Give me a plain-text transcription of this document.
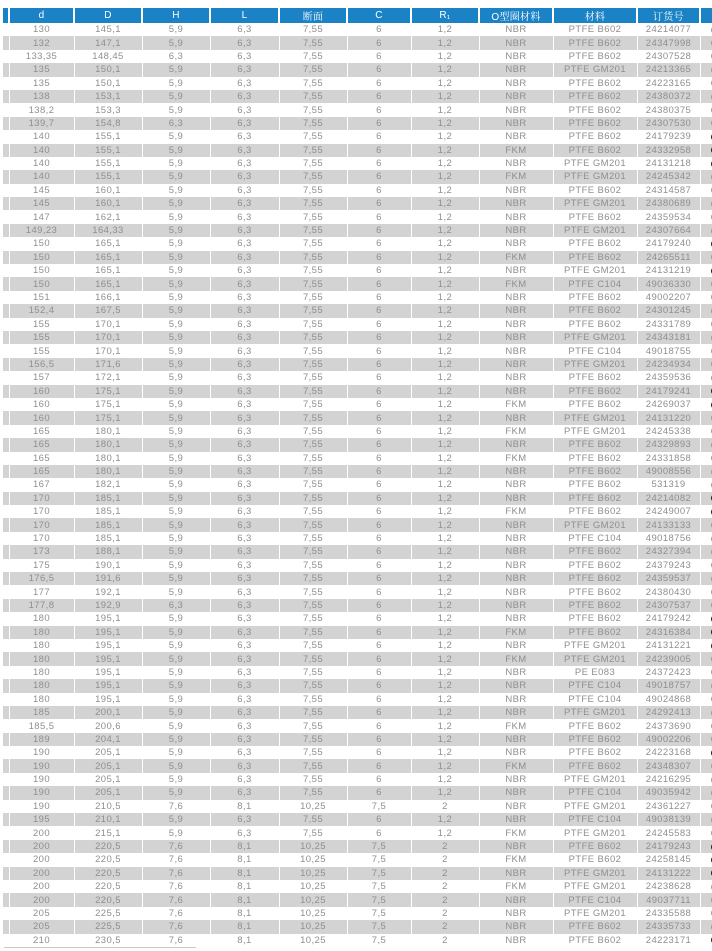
	d	D	H	L	断面	C	R₁	O型圈材料	材料	订货号	
	130	145,1	5,9	6,3	7,55	6	1,2	NBR	PTFE B602	24214077	
	132	147,1	5,9	6,3	7,55	6	1,2	NBR	PTFE B602	24347998	
	133,35	148,45	6,3	6,3	7,55	6	1,2	NBR	PTFE B602	24307528	
	135	150,1	5,9	6,3	7,55	6	1,2	NBR	PTFE GM201	24213365	
	135	150,1	5,9	6,3	7,55	6	1,2	NBR	PTFE B602	24223165	
	138	153,1	5,9	6,3	7,55	6	1,2	NBR	PTFE B602	24380372	
	138,2	153,3	5,9	6,3	7,55	6	1,2	NBR	PTFE B602	24380375	
	139,7	154,8	6,3	6,3	7,55	6	1,2	NBR	PTFE B602	24307530	
	140	155,1	5,9	6,3	7,55	6	1,2	NBR	PTFE B602	24179239	
	140	155,1	5,9	6,3	7,55	6	1,2	FKM	PTFE B602	24332958	
	140	155,1	5,9	6,3	7,55	6	1,2	NBR	PTFE GM201	24131218	
	140	155,1	5,9	6,3	7,55	6	1,2	FKM	PTFE GM201	24245342	
	145	160,1	5,9	6,3	7,55	6	1,2	NBR	PTFE B602	24314587	
	145	160,1	5,9	6,3	7,55	6	1,2	NBR	PTFE GM201	24380689	
	147	162,1	5,9	6,3	7,55	6	1,2	NBR	PTFE B602	24359534	
	149,23	164,33	5,9	6,3	7,55	6	1,2	NBR	PTFE GM201	24307664	
	150	165,1	5,9	6,3	7,55	6	1,2	NBR	PTFE B602	24179240	
	150	165,1	5,9	6,3	7,55	6	1,2	FKM	PTFE B602	24265511	
	150	165,1	5,9	6,3	7,55	6	1,2	NBR	PTFE GM201	24131219	
	150	165,1	5,9	6,3	7,55	6	1,2	FKM	PTFE C104	49036330	
	151	166,1	5,9	6,3	7,55	6	1,2	NBR	PTFE B602	49002207	
	152,4	167,5	5,9	6,3	7,55	6	1,2	NBR	PTFE B602	24301245	
	155	170,1	5,9	6,3	7,55	6	1,2	NBR	PTFE B602	24331789	
	155	170,1	5,9	6,3	7,55	6	1,2	NBR	PTFE GM201	24343181	
	155	170,1	5,9	6,3	7,55	6	1,2	NBR	PTFE C104	49018755	
	156,5	171,6	5,9	6,3	7,55	6	1,2	NBR	PTFE GM201	24234934	
	157	172,1	5,9	6,3	7,55	6	1,2	NBR	PTFE B602	24359536	
	160	175,1	5,9	6,3	7,55	6	1,2	NBR	PTFE B602	24179241	
	160	175,1	5,9	6,3	7,55	6	1,2	FKM	PTFE B602	24269037	
	160	175,1	5,9	6,3	7,55	6	1,2	NBR	PTFE GM201	24131220	
	165	180,1	5,9	6,3	7,55	6	1,2	FKM	PTFE GM201	24245338	
	165	180,1	5,9	6,3	7,55	6	1,2	NBR	PTFE B602	24329893	
	165	180,1	5,9	6,3	7,55	6	1,2	FKM	PTFE B602	24331858	
	165	180,1	5,9	6,3	7,55	6	1,2	NBR	PTFE B602	49008556	
	167	182,1	5,9	6,3	7,55	6	1,2	NBR	PTFE B602	531319	
	170	185,1	5,9	6,3	7,55	6	1,2	NBR	PTFE B602	24214082	
	170	185,1	5,9	6,3	7,55	6	1,2	FKM	PTFE B602	24249007	
	170	185,1	5,9	6,3	7,55	6	1,2	NBR	PTFE GM201	24133133	
	170	185,1	5,9	6,3	7,55	6	1,2	NBR	PTFE C104	49018756	
	173	188,1	5,9	6,3	7,55	6	1,2	NBR	PTFE B602	24327394	
	175	190,1	5,9	6,3	7,55	6	1,2	NBR	PTFE B602	24379243	
	176,5	191,6	5,9	6,3	7,55	6	1,2	NBR	PTFE B602	24359537	
	177	192,1	5,9	6,3	7,55	6	1,2	NBR	PTFE B602	24380430	
	177,8	192,9	6,3	6,3	7,55	6	1,2	NBR	PTFE B602	24307537	
	180	195,1	5,9	6,3	7,55	6	1,2	NBR	PTFE B602	24179242	
	180	195,1	5,9	6,3	7,55	6	1,2	FKM	PTFE B602	24316384	
	180	195,1	5,9	6,3	7,55	6	1,2	NBR	PTFE GM201	24131221	
	180	195,1	5,9	6,3	7,55	6	1,2	FKM	PTFE GM201	24239005	
	180	195,1	5,9	6,3	7,55	6	1,2	NBR	PE E083	24372423	
	180	195,1	5,9	6,3	7,55	6	1,2	NBR	PTFE C104	49018757	
	180	195,1	5,9	6,3	7,55	6	1,2	NBR	PTFE C104	49024868	
	185	200,1	5,9	6,3	7,55	6	1,2	NBR	PTFE GM201	24292413	
	185,5	200,6	5,9	6,3	7,55	6	1,2	FKM	PTFE B602	24373690	
	189	204,1	5,9	6,3	7,55	6	1,2	NBR	PTFE B602	49002206	
	190	205,1	5,9	6,3	7,55	6	1,2	NBR	PTFE B602	24223168	
	190	205,1	5,9	6,3	7,55	6	1,2	FKM	PTFE B602	24348307	
	190	205,1	5,9	6,3	7,55	6	1,2	NBR	PTFE GM201	24216295	
	190	205,1	5,9	6,3	7,55	6	1,2	NBR	PTFE C104	49035942	
	190	210,5	7,6	8,1	10,25	7,5	2	NBR	PTFE GM201	24361227	
	195	210,1	5,9	6,3	7,55	6	1,2	NBR	PTFE C104	49038139	
	200	215,1	5,9	6,3	7,55	6	1,2	FKM	PTFE GM201	24245583	
	200	220,5	7,6	8,1	10,25	7,5	2	NBR	PTFE B602	24179243	
	200	220,5	7,6	8,1	10,25	7,5	2	FKM	PTFE B602	24258145	
	200	220,5	7,6	8,1	10,25	7,5	2	NBR	PTFE GM201	24131222	
	200	220,5	7,6	8,1	10,25	7,5	2	FKM	PTFE GM201	24238628	
	200	220,5	7,6	8,1	10,25	7,5	2	NBR	PTFE C104	49037711	
	205	225,5	7,6	8,1	10,25	7,5	2	NBR	PTFE GM201	24335588	
	205	225,5	7,6	8,1	10,25	7,5	2	NBR	PTFE B602	24335733	
	210	230,5	7,6	8,1	10,25	7,5	2	NBR	PTFE B602	24223171	
